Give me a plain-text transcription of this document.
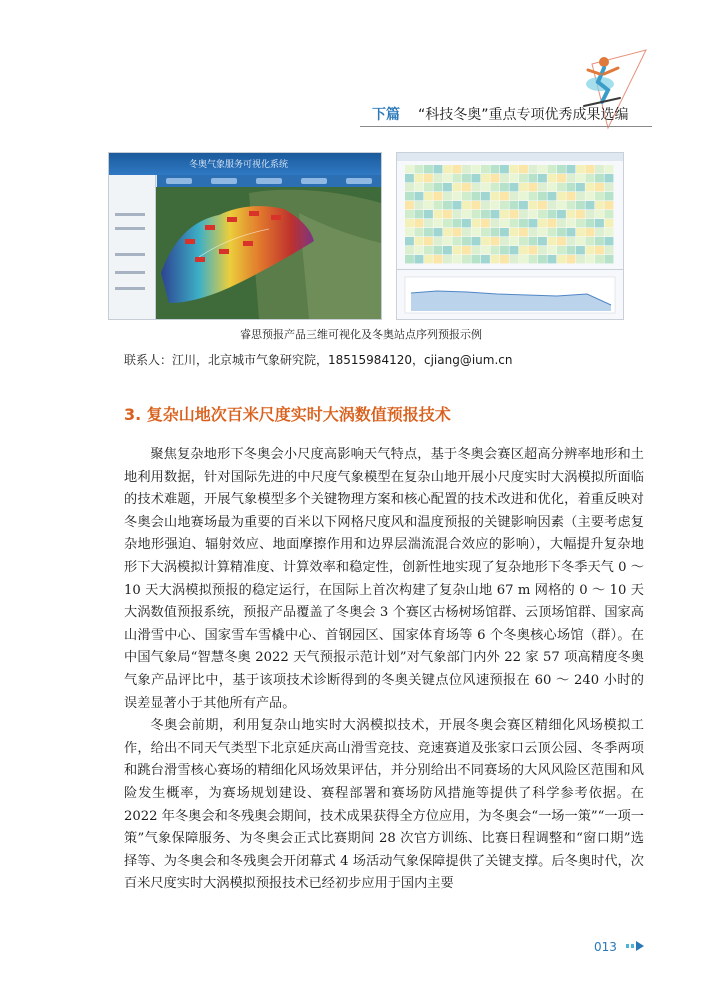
下篇 “科技冬奥”重点专项优秀成果选编
冬奥气象服务可视化系统
睿思预报产品三维可视化及冬奥站点序列预报示例
联系人：江川，北京城市气象研究院，18515984120，cjiang@ium.cn
3. 复杂山地次百米尺度实时大涡数值预报技术

聚焦复杂地形下冬奥会小尺度高影响天气特点，基于冬奥会赛区超高分辨率地形和土地利用数据，针对国际先进的中尺度气象模型在复杂山地开展小尺度实时大涡模拟所面临的技术难题，开展气象模型多个关键物理方案和核心配置的技术改进和优化，着重反映对冬奥会山地赛场最为重要的百米以下网格尺度风和温度预报的关键影响因素（主要考虑复杂地形强迫、辐射效应、地面摩擦作用和边界层湍流混合效应的影响），大幅提升复杂地形下大涡模拟计算精准度、计算效率和稳定性，创新性地实现了复杂地形下冬季天气 0 ～ 10 天大涡模拟预报的稳定运行，在国际上首次构建了复杂山地 67 m 网格的 0 ～ 10 天大涡数值预报系统，预报产品覆盖了冬奥会 3 个赛区古杨树场馆群、云顶场馆群、国家高山滑雪中心、国家雪车雪橇中心、首钢园区、国家体育场等 6 个冬奥核心场馆（群）。在中国气象局“智慧冬奥 2022 天气预报示范计划”对气象部门内外 22 家 57 项高精度冬奥气象产品评比中，基于该项技术诊断得到的冬奥关键点位风速预报在 60 ～ 240 小时的误差显著小于其他所有产品。

冬奥会前期，利用复杂山地实时大涡模拟技术，开展冬奥会赛区精细化风场模拟工作，给出不同天气类型下北京延庆高山滑雪竞技、竞速赛道及张家口云顶公园、冬季两项和跳台滑雪核心赛场的精细化风场效果评估，并分别给出不同赛场的大风风险区范围和风险发生概率，为赛场规划建设、赛程部署和赛场防风措施等提供了科学参考依据。在 2022 年冬奥会和冬残奥会期间，技术成果获得全方位应用，为冬奥会“一场一策”“一项一策”气象保障服务、为冬奥会正式比赛期间 28 次官方训练、比赛日程调整和“窗口期”选择等、为冬奥会和冬残奥会开闭幕式 4 场活动气象保障提供了关键支撑。后冬奥时代，次百米尺度实时大涡模拟预报技术已经初步应用于国内主要

013
